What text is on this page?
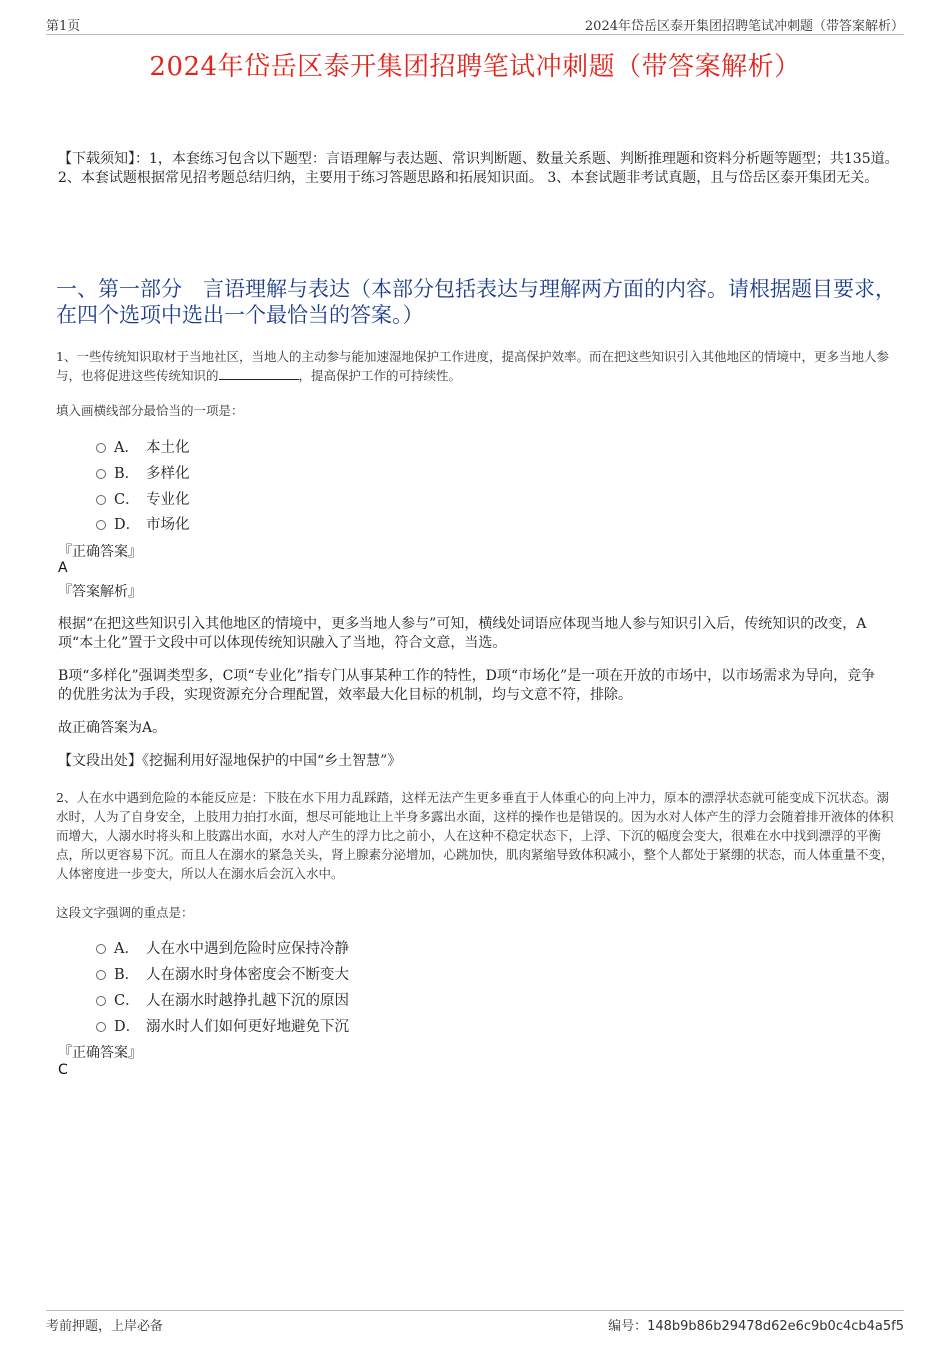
第1页	2024年岱岳区泰开集团招聘笔试冲刺题（带答案解析）
2024年岱岳区泰开集团招聘笔试冲刺题（带答案解析）
【下载须知】：1，本套练习包含以下题型：言语理解与表达题、常识判断题、数量关系题、判断推理题和资料分析题等题型；共135道。 2、本套试题根据常见招考题总结归纳，主要用于练习答题思路和拓展知识面。 3、本套试题非考试真题，且与岱岳区泰开集团无关。
一、第一部分　言语理解与表达（本部分包括表达与理解两方面的内容。请根据题目要求，在四个选项中选出一个最恰当的答案。）
1、一些传统知识取材于当地社区，当地人的主动参与能加速湿地保护工作进度，提高保护效率。而在把这些知识引入其他地区的情境中，更多当地人参与，也将促进这些传统知识的	，提高保护工作的可持续性。
填入画横线部分最恰当的一项是：
A． 本土化
B． 多样化
C． 专业化
D． 市场化
『正确答案』
A
『答案解析』
根据“在把这些知识引入其他地区的情境中，更多当地人参与”可知，横线处词语应体现当地人参与知识引入后，传统知识的改变，A项“本土化”置于文段中可以体现传统知识融入了当地，符合文意，当选。
B项“多样化”强调类型多，C项“专业化”指专门从事某种工作的特性，D项“市场化”是一项在开放的市场中，以市场需求为导向，竞争的优胜劣汰为手段，实现资源充分合理配置，效率最大化目标的机制，均与文意不符，排除。
故正确答案为A。
【文段出处】《挖掘利用好湿地保护的中国“乡土智慧”》
2、人在水中遇到危险的本能反应是：下肢在水下用力乱踩踏，这样无法产生更多垂直于人体重心的向上冲力，原本的漂浮状态就可能变成下沉状态。溺水时，人为了自身安全，上肢用力拍打水面，想尽可能地让上半身多露出水面，这样的操作也是错误的。因为水对人体产生的浮力会随着排开液体的体积而增大，人溺水时将头和上肢露出水面，水对人产生的浮力比之前小，人在这种不稳定状态下，上浮、下沉的幅度会变大，很难在水中找到漂浮的平衡点，所以更容易下沉。而且人在溺水的紧急关头，肾上腺素分泌增加，心跳加快，肌肉紧缩导致体积减小，整个人都处于紧绷的状态，而人体重量不变，人体密度进一步变大，所以人在溺水后会沉入水中。
这段文字强调的重点是：
A． 人在水中遇到危险时应保持冷静
B． 人在溺水时身体密度会不断变大
C． 人在溺水时越挣扎越下沉的原因
D． 溺水时人们如何更好地避免下沉
『正确答案』
C
考前押题，上岸必备	编号：148b9b86b29478d62e6c9b0c4cb4a5f5
